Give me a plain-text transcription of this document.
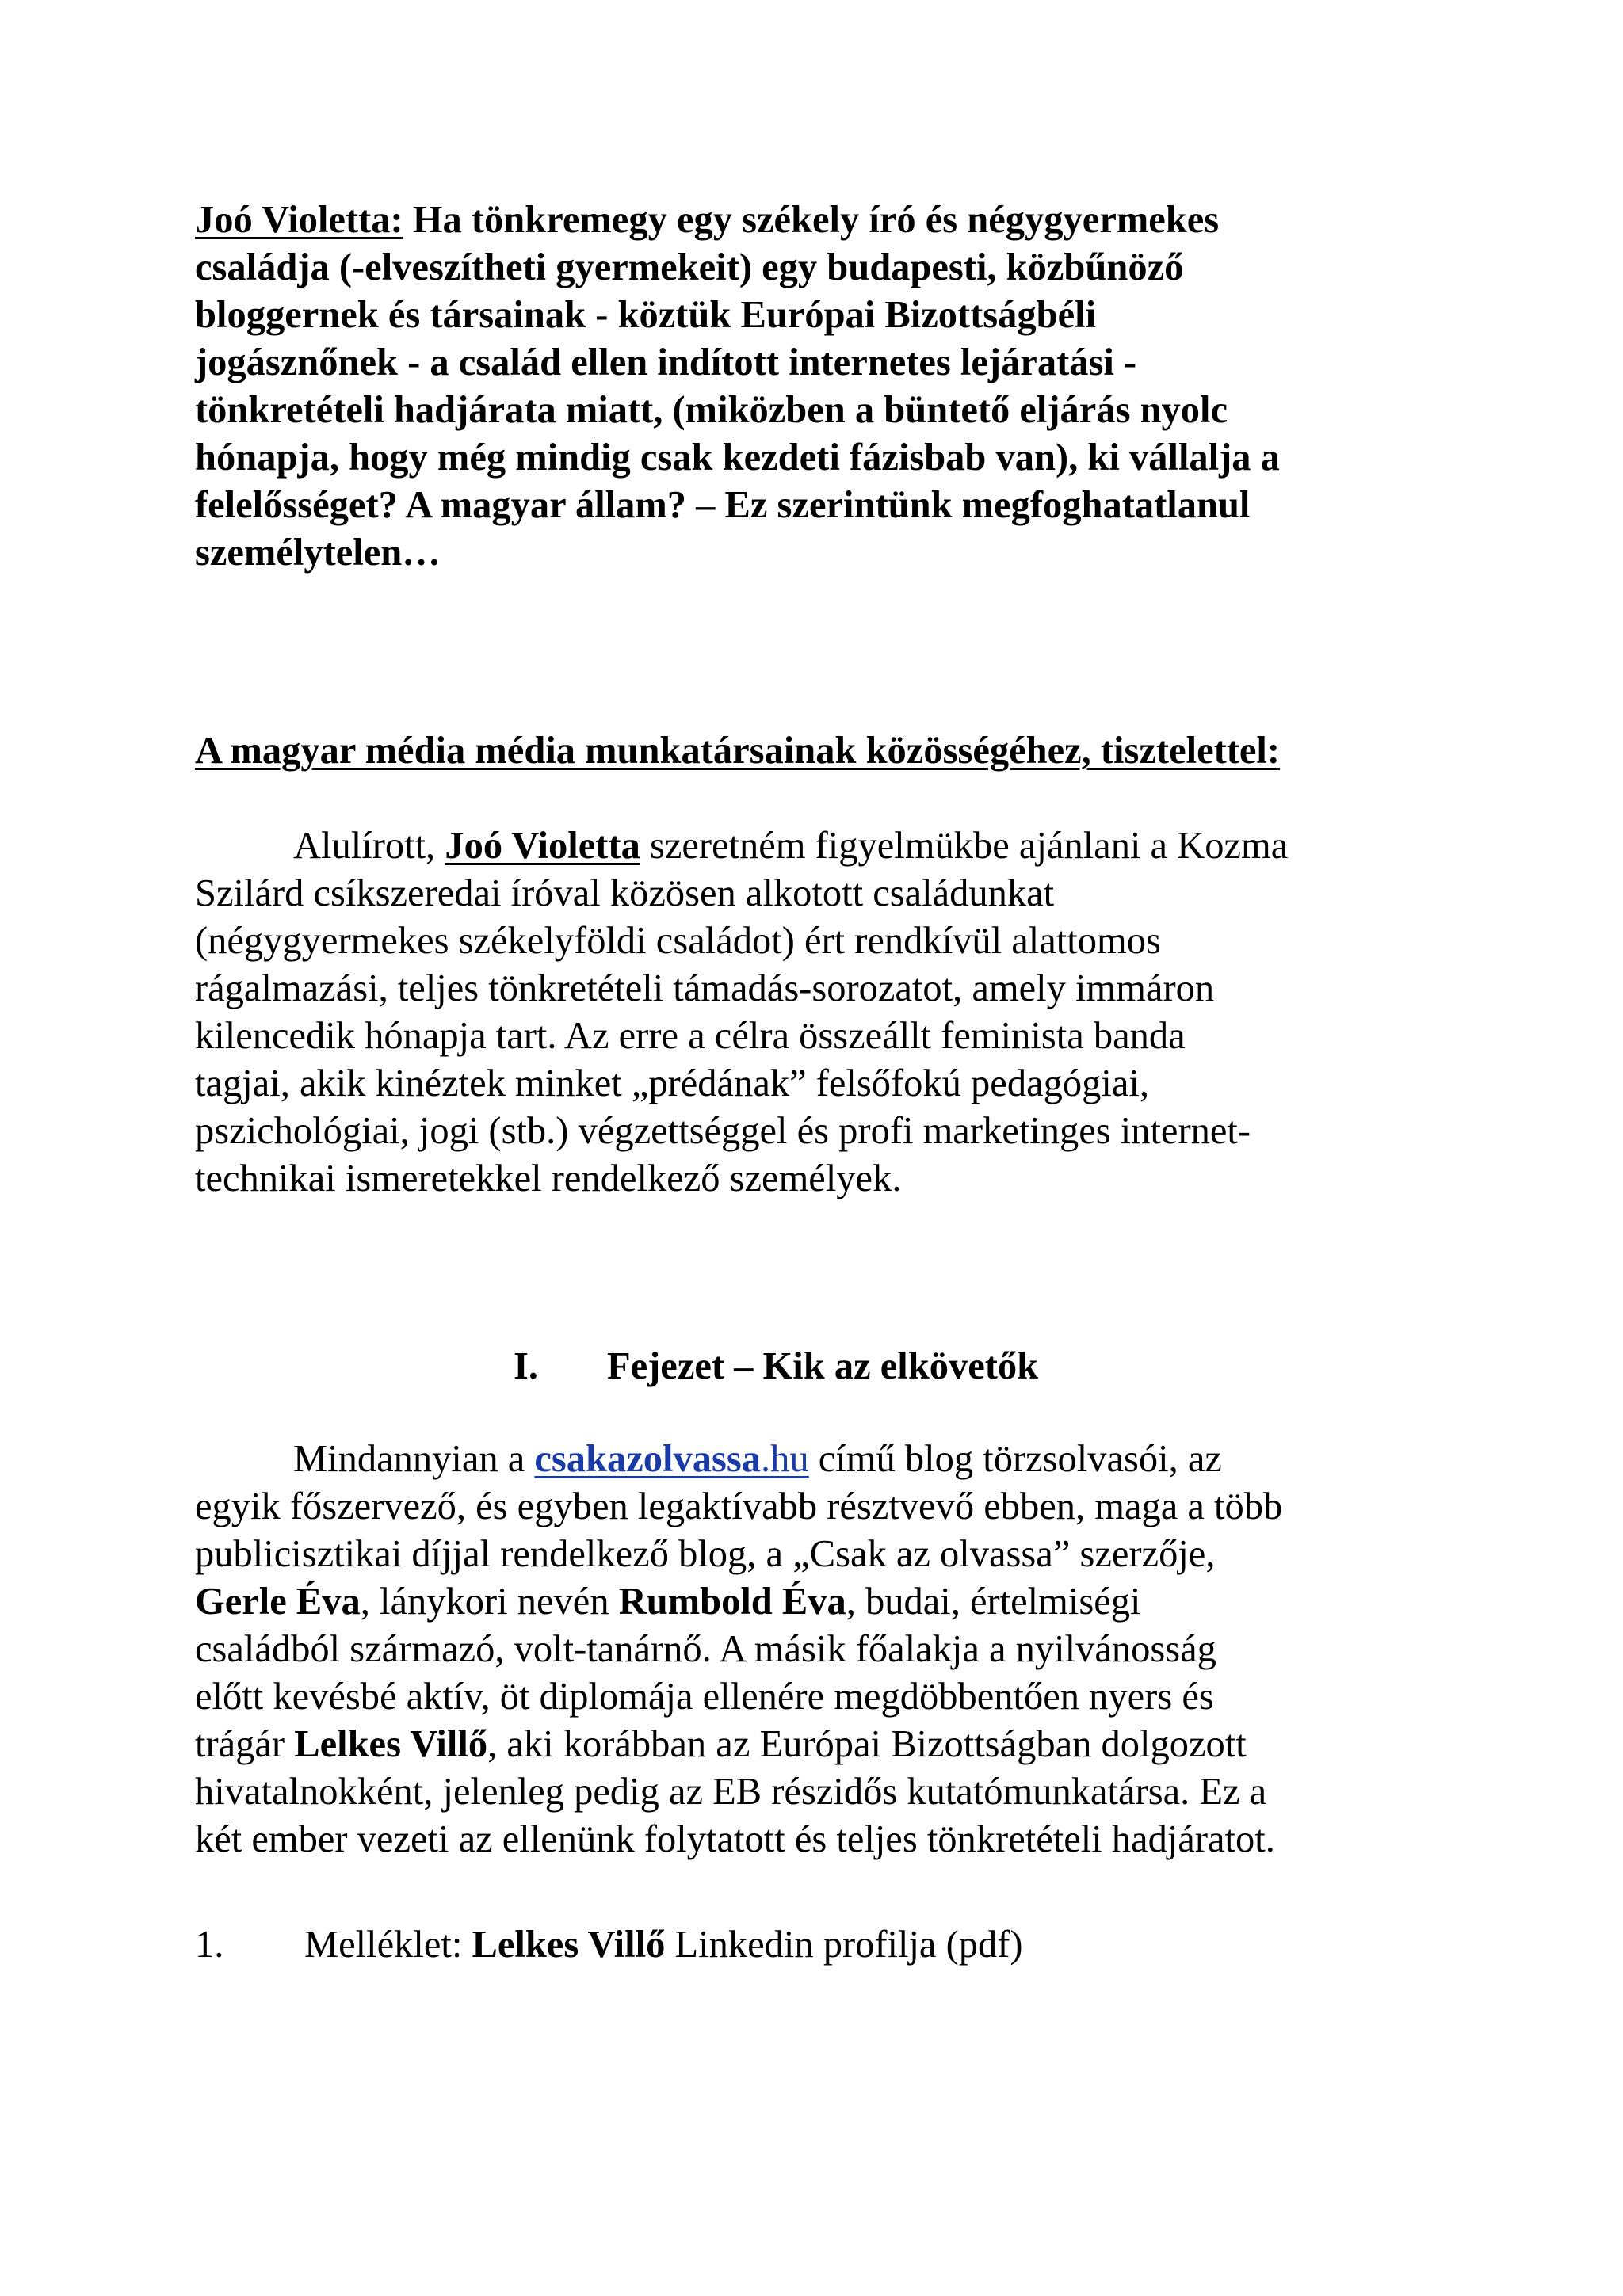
Joó Violetta: Ha tönkremegy egy székely író és négygyermekes
családja (-elveszítheti gyermekeit) egy budapesti, közbűnöző
bloggernek és társainak - köztük Európai Bizottságbéli
jogásznőnek - a család ellen indított internetes lejáratási -
tönkretételi hadjárata miatt, (miközben a büntető eljárás nyolc
hónapja, hogy még mindig csak kezdeti fázisbab van), ki vállalja a
felelősséget? A magyar állam? – Ez szerintünk megfoghatatlanul
személytelen…
A magyar média média munkatársainak közösségéhez, tisztelettel:
Alulírott, Joó Violetta szeretném figyelmükbe ajánlani a Kozma
Szilárd csíkszeredai íróval közösen alkotott családunkat
(négygyermekes székelyföldi családot) ért rendkívül alattomos
rágalmazási, teljes tönkretételi támadás-sorozatot, amely immáron
kilencedik hónapja tart. Az erre a célra összeállt feminista banda
tagjai, akik kinéztek minket „prédának” felsőfokú pedagógiai,
pszichológiai, jogi (stb.) végzettséggel és profi marketinges internet-
technikai ismeretekkel rendelkező személyek.
I. Fejezet – Kik az elkövetők
Mindannyian a csakazolvassa.hu című blog törzsolvasói, az
egyik főszervező, és egyben legaktívabb résztvevő ebben, maga a több
publicisztikai díjjal rendelkező blog, a „Csak az olvassa” szerzője,
Gerle Éva, lánykori nevén Rumbold Éva, budai, értelmiségi
családból származó, volt-tanárnő. A másik főalakja a nyilvánosság
előtt kevésbé aktív, öt diplomája ellenére megdöbbentően nyers és
trágár Lelkes Villő, aki korábban az Európai Bizottságban dolgozott
hivatalnokként, jelenleg pedig az EB részidős kutatómunkatársa. Ez a
két ember vezeti az ellenünk folytatott és teljes tönkretételi hadjáratot.
1. Melléklet: Lelkes Villő Linkedin profilja (pdf)
